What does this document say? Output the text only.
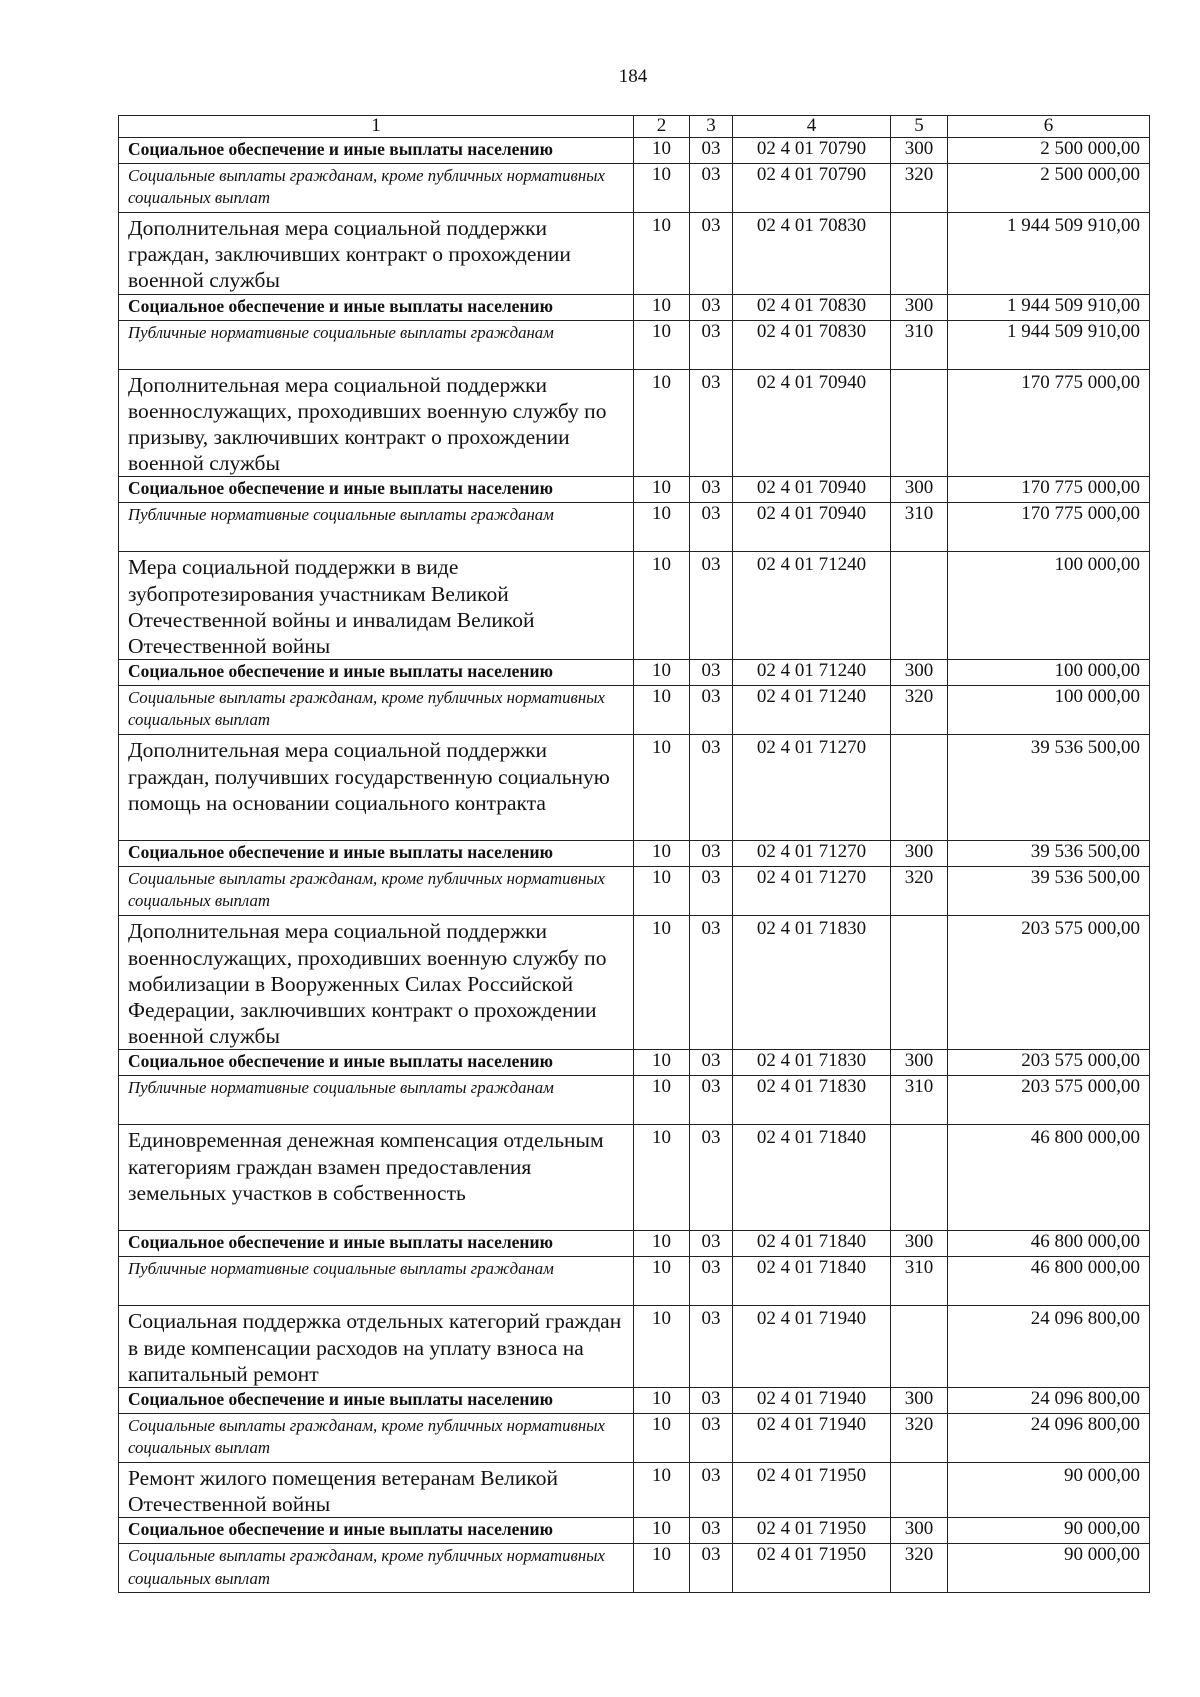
184
1	2	3	4	5	6
Социальное обеспечение и иные выплаты населению	10	03	02 4 01 70790	300	2 500 000,00
Социальные выплаты гражданам, кроме публичных нормативных социальных выплат	10	03	02 4 01 70790	320	2 500 000,00
Дополнительная мера социальной поддержки граждан, заключивших контракт о прохождении военной службы	10	03	02 4 01 70830		1 944 509 910,00
Социальное обеспечение и иные выплаты населению	10	03	02 4 01 70830	300	1 944 509 910,00
Публичные нормативные социальные выплаты гражданам	10	03	02 4 01 70830	310	1 944 509 910,00
Дополнительная мера социальной поддержки военнослужащих, проходивших военную службу по призыву, заключивших контракт о прохождении военной службы	10	03	02 4 01 70940		170 775 000,00
Социальное обеспечение и иные выплаты населению	10	03	02 4 01 70940	300	170 775 000,00
Публичные нормативные социальные выплаты гражданам	10	03	02 4 01 70940	310	170 775 000,00
Мера социальной поддержки в виде зубопротезирования участникам Великой Отечественной войны и инвалидам Великой Отечественной войны	10	03	02 4 01 71240		100 000,00
Социальное обеспечение и иные выплаты населению	10	03	02 4 01 71240	300	100 000,00
Социальные выплаты гражданам, кроме публичных нормативных социальных выплат	10	03	02 4 01 71240	320	100 000,00
Дополнительная мера социальной поддержки граждан, получивших государственную социальную помощь на основании социального контракта	10	03	02 4 01 71270		39 536 500,00
Социальное обеспечение и иные выплаты населению	10	03	02 4 01 71270	300	39 536 500,00
Социальные выплаты гражданам, кроме публичных нормативных социальных выплат	10	03	02 4 01 71270	320	39 536 500,00
Дополнительная мера социальной поддержки военнослужащих, проходивших военную службу по мобилизации в Вооруженных Силах Российской Федерации, заключивших контракт о прохождении военной службы	10	03	02 4 01 71830		203 575 000,00
Социальное обеспечение и иные выплаты населению	10	03	02 4 01 71830	300	203 575 000,00
Публичные нормативные социальные выплаты гражданам	10	03	02 4 01 71830	310	203 575 000,00
Единовременная денежная компенсация отдельным категориям граждан взамен предоставления земельных участков в собственность	10	03	02 4 01 71840		46 800 000,00
Социальное обеспечение и иные выплаты населению	10	03	02 4 01 71840	300	46 800 000,00
Публичные нормативные социальные выплаты гражданам	10	03	02 4 01 71840	310	46 800 000,00
Социальная поддержка отдельных категорий граждан в виде компенсации расходов на уплату взноса на капитальный ремонт	10	03	02 4 01 71940		24 096 800,00
Социальное обеспечение и иные выплаты населению	10	03	02 4 01 71940	300	24 096 800,00
Социальные выплаты гражданам, кроме публичных нормативных социальных выплат	10	03	02 4 01 71940	320	24 096 800,00
Ремонт жилого помещения ветеранам Великой Отечественной войны	10	03	02 4 01 71950		90 000,00
Социальное обеспечение и иные выплаты населению	10	03	02 4 01 71950	300	90 000,00
Социальные выплаты гражданам, кроме публичных нормативных социальных выплат	10	03	02 4 01 71950	320	90 000,00
